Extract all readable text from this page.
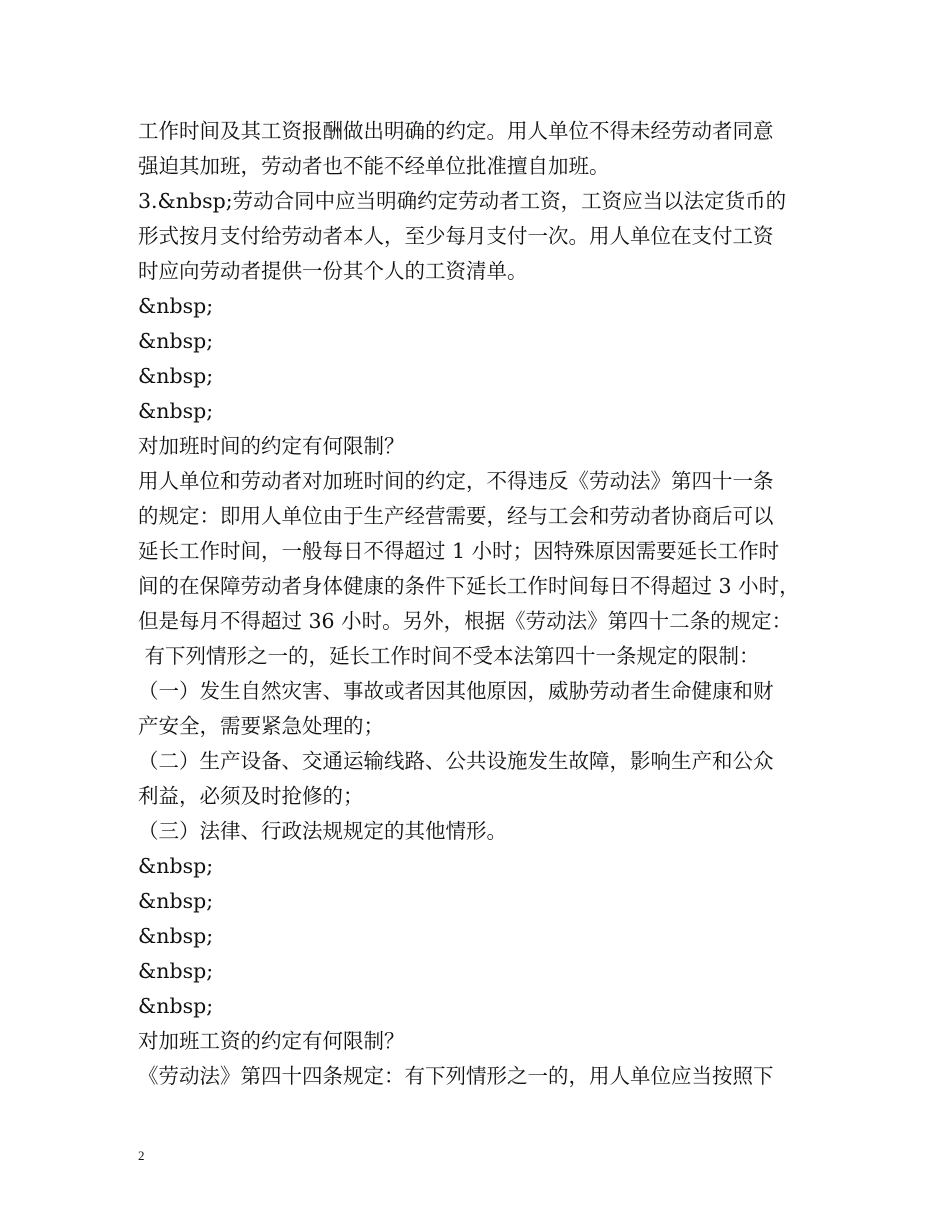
工作时间及其工资报酬做出明确的约定。用人单位不得未经劳动者同意
强迫其加班，劳动者也不能不经单位批准擅自加班。
3.&nbsp;劳动合同中应当明确约定劳动者工资，工资应当以法定货币的
形式按月支付给劳动者本人，至少每月支付一次。用人单位在支付工资
时应向劳动者提供一份其个人的工资清单。
&nbsp;
&nbsp;
&nbsp;
&nbsp;
对加班时间的约定有何限制？
用人单位和劳动者对加班时间的约定，不得违反《劳动法》第四十一条
的规定：即用人单位由于生产经营需要，经与工会和劳动者协商后可以
延长工作时间，一般每日不得超过 1 小时；因特殊原因需要延长工作时
间的在保障劳动者身体健康的条件下延长工作时间每日不得超过 3 小时，
但是每月不得超过 36 小时。另外，根据《劳动法》第四十二条的规定：
有下列情形之一的，延长工作时间不受本法第四十一条规定的限制：
（一）发生自然灾害、事故或者因其他原因，威胁劳动者生命健康和财
产安全，需要紧急处理的；
（二）生产设备、交通运输线路、公共设施发生故障，影响生产和公众
利益，必须及时抢修的；
（三）法律、行政法规规定的其他情形。
&nbsp;
&nbsp;
&nbsp;
&nbsp;
&nbsp;
对加班工资的约定有何限制？
《劳动法》第四十四条规定：有下列情形之一的，用人单位应当按照下
2
